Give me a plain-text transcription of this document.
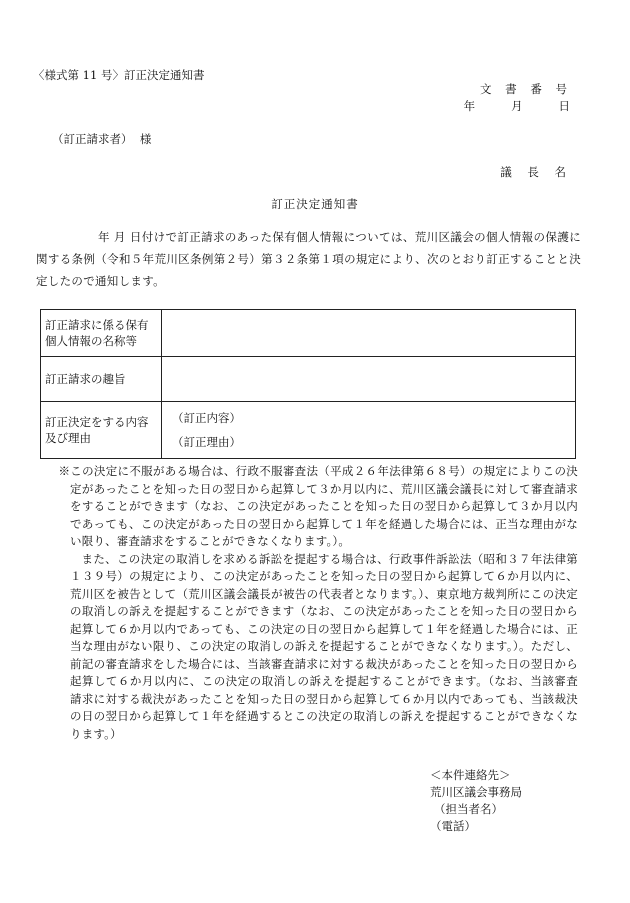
〈様式第 11 号〉訂正決定通知書
文 書 番 号
年	月	日
（訂正請求者） 様
議 長 名
訂正決定通知書
年 月 日付けで訂正請求のあった保有個人情報については、荒川区議会の個人情報の保護に関する条例（令和５年荒川区条例第２号）第３２条第１項の規定により、次のとおり訂正することと決定したので通知します。
訂正請求に係る保有個人情報の名称等	
訂正請求の趣旨	
訂正決定をする内容及び理由	（訂正内容）
（訂正理由）

※この決定に不服がある場合は、行政不服審査法（平成２６年法律第６８号）の規定によりこの決定があったことを知った日の翌日から起算して３か月以内に、荒川区議会議長に対して審査請求をすることができます（なお、この決定があったことを知った日の翌日から起算して３か月以内であっても、この決定があった日の翌日から起算して１年を経過した場合には、正当な理由がない限り、審査請求をすることができなくなります。）。

また、この決定の取消しを求める訴訟を提起する場合は、行政事件訴訟法（昭和３７年法律第１３９号）の規定により、この決定があったことを知った日の翌日から起算して６か月以内に、荒川区を被告として（荒川区議会議長が被告の代表者となります。）、東京地方裁判所にこの決定の取消しの訴えを提起することができます（なお、この決定があったことを知った日の翌日から起算して６か月以内であっても、この決定の日の翌日から起算して１年を経過した場合には、正当な理由がない限り、この決定の取消しの訴えを提起することができなくなります。）。ただし、前記の審査請求をした場合には、当該審査請求に対する裁決があったことを知った日の翌日から起算して６か月以内に、この決定の取消しの訴えを提起することができます。（なお、当該審査請求に対する裁決があったことを知った日の翌日から起算して６か月以内であっても、当該裁決の日の翌日から起算して１年を経過するとこの決定の取消しの訴えを提起することができなくなります。）

＜本件連絡先＞
荒川区議会事務局
（担当者名）
（電話）
